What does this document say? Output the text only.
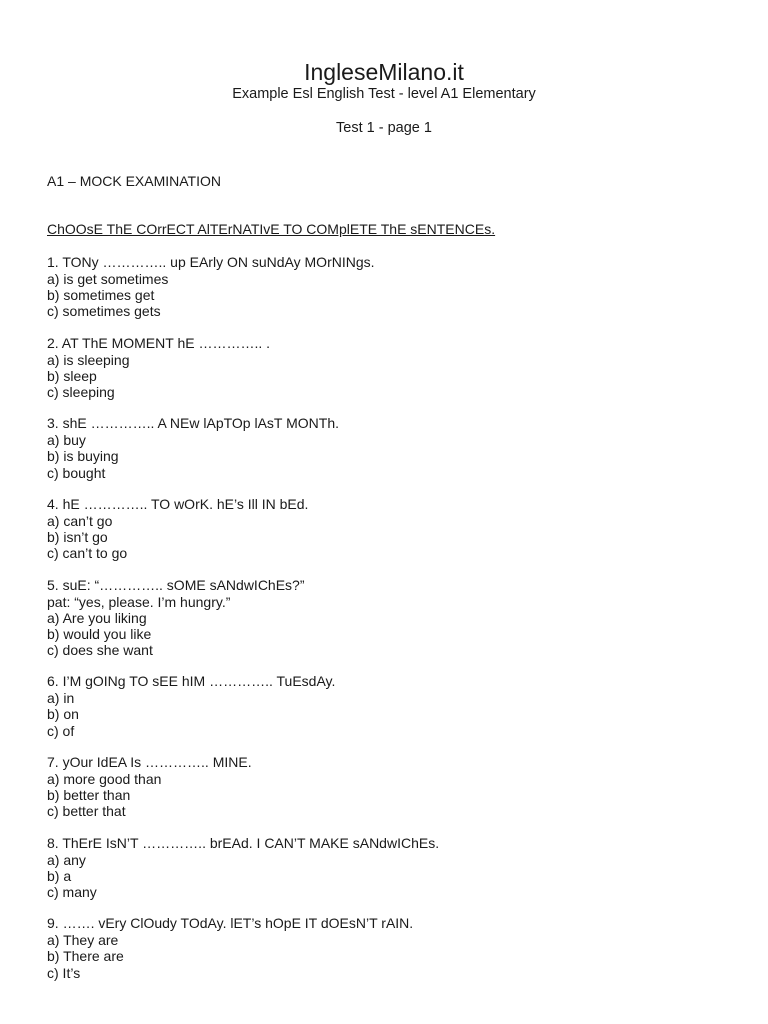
IngleseMilano.it
Example Esl English Test - level A1 Elementary
Test 1 - page 1
A1 – MOCK EXAMINATION
ChOOsE ThE COrrECT AlTErNATIvE TO COMplETE ThE sENTENCEs.
1. TONy ………….. up EArly ON suNdAy MOrNINgs.
a) is get sometimes
b) sometimes get
c) sometimes gets
2. AT ThE MOMENT hE ………….. .
a) is sleeping
b) sleep
c) sleeping
3. shE ………….. A NEw lApTOp lAsT MONTh.
a) buy
b) is buying
c) bought
4. hE ………….. TO wOrK. hE’s Ill IN bEd.
a) can’t go
b) isn’t go
c) can’t to go
5. suE: “………….. sOME sANdwIChEs?”
pat: “yes, please. I’m hungry.”
a) Are you liking
b) would you like
c) does she want
6. I’M gOINg TO sEE hIM ………….. TuEsdAy.
a) in
b) on
c) of
7. yOur IdEA Is ………….. MINE.
a) more good than
b) better than
c) better that
8. ThErE IsN’T ………….. brEAd. I CAN’T MAKE sANdwIChEs.
a) any
b) a
c) many
9. ……. vEry ClOudy TOdAy. lET’s hOpE IT dOEsN’T rAIN.
a) They are
b) There are
c) It’s
